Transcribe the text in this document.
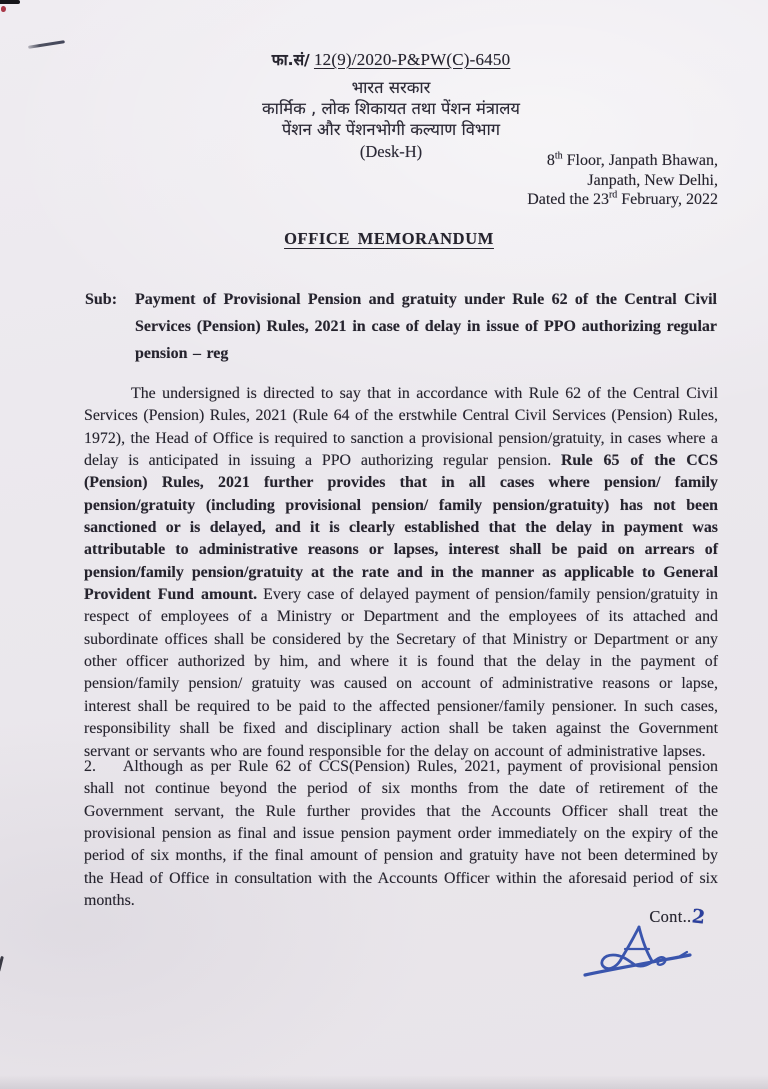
फा.सं/ 12(9)/2020-P&PW(C)-6450
भारत सरकार
कार्मिक , लोक शिकायत तथा पेंशन मंत्रालय
पेंशन और पेंशनभोगी कल्याण विभाग
(Desk-H)	8th Floor, Janpath Bhawan,
Janpath, New Delhi,
Dated the 23rd February, 2022
OFFICE MEMORANDUM
Sub:	Payment of Provisional Pension and gratuity under Rule 62 of the Central Civil Services (Pension) Rules, 2021 in case of delay in issue of PPO authorizing regular pension – reg
The undersigned is directed to say that in accordance with Rule 62 of the Central Civil Services (Pension) Rules, 2021 (Rule 64 of the erstwhile Central Civil Services (Pension) Rules, 1972), the Head of Office is required to sanction a provisional pension/gratuity, in cases where a delay is anticipated in issuing a PPO authorizing regular pension. Rule 65 of the CCS (Pension) Rules, 2021 further provides that in all cases where pension/ family pension/gratuity (including provisional pension/ family pension/gratuity) has not been sanctioned or is delayed, and it is clearly established that the delay in payment was attributable to administrative reasons or lapses, interest shall be paid on arrears of pension/family pension/gratuity at the rate and in the manner as applicable to General Provident Fund amount. Every case of delayed payment of pension/family pension/gratuity in respect of employees of a Ministry or Department and the employees of its attached and subordinate offices shall be considered by the Secretary of that Ministry or Department or any other officer authorized by him, and where it is found that the delay in the payment of pension/family pension/ gratuity was caused on account of administrative reasons or lapse, interest shall be required to be paid to the affected pensioner/family pensioner. In such cases, responsibility shall be fixed and disciplinary action shall be taken against the Government servant or servants who are found responsible for the delay on account of administrative lapses.
2. Although as per Rule 62 of CCS(Pension) Rules, 2021, payment of provisional pension shall not continue beyond the period of six months from the date of retirement of the Government servant, the Rule further provides that the Accounts Officer shall treat the provisional pension as final and issue pension payment order immediately on the expiry of the period of six months, if the final amount of pension and gratuity have not been determined by the Head of Office in consultation with the Accounts Officer within the aforesaid period of six months.
Cont..2
